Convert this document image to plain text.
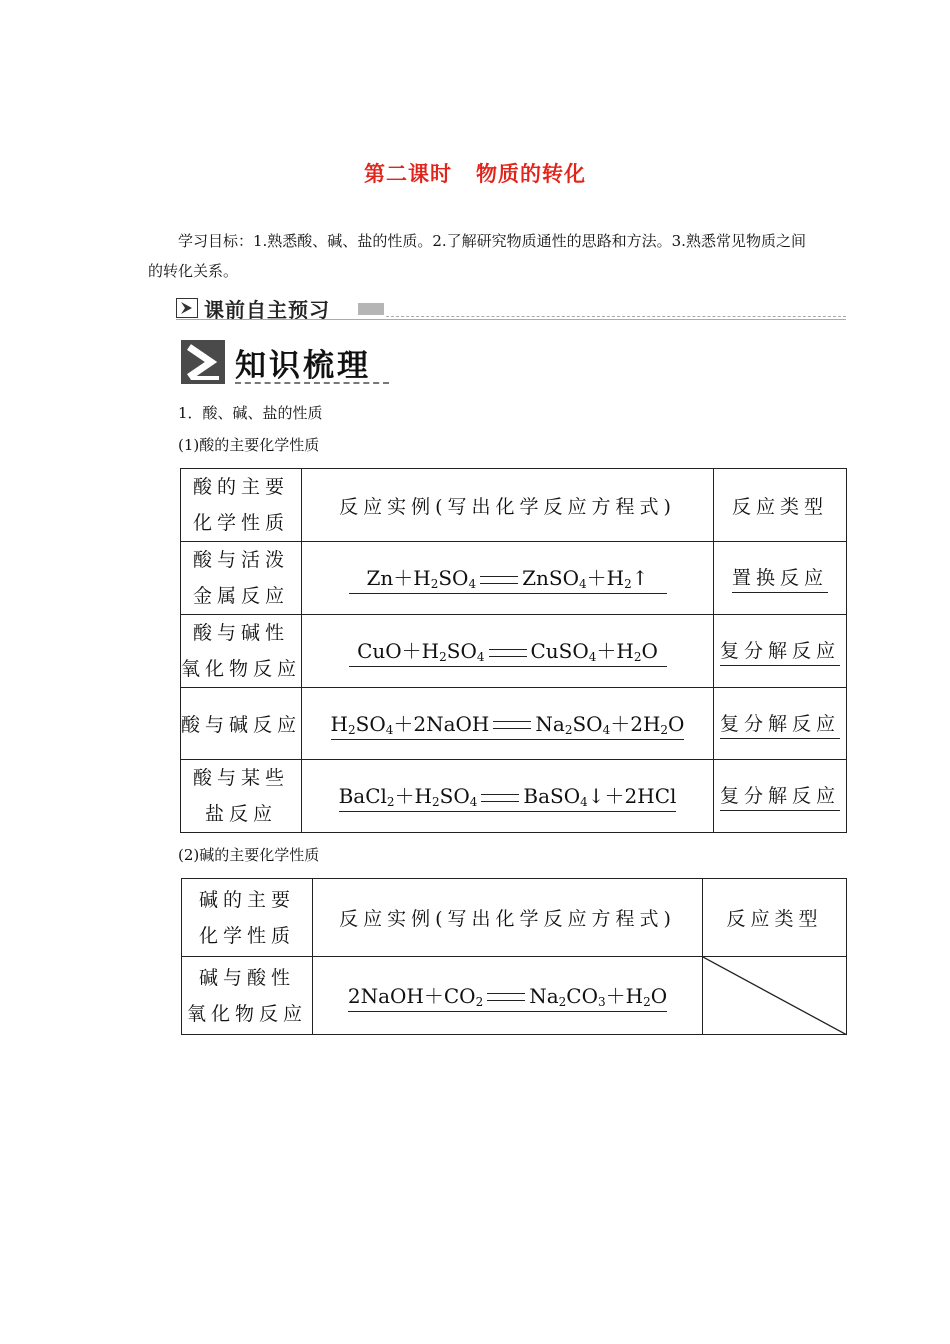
第二课时 物质的转化
学习目标：1.熟悉酸、碱、盐的性质。2.了解研究物质通性的思路和方法。3.熟悉常见物质之间的转化关系。
课前自主预习
知识梳理
1．酸、碱、盐的性质
(1)酸的主要化学性质
酸的主要
化学性质	反应实例(写出化学反应方程式)	反应类型
酸与活泼
金属反应	$Zn+H_2SO_4$ $ZnSO_4+H_2↑$	置换反应
酸与碱性
氧化物反应	$CuO+H_2SO_4$ $CuSO_4+H_2O$	复分解反应
酸与碱反应	$H_2SO_4+2NaOH$ $Na_2SO_4+2H_2O$	复分解反应
酸与某些
盐反应	$BaCl_2+H_2SO_4$ BaSO$_4$↓＋2HCl	复分解反应
(2)碱的主要化学性质
碱的主要
化学性质	反应实例(写出化学反应方程式)	反应类型
碱与酸性
氧化物反应	$2NaOH+CO_2$ $Na_2CO_3+H_2O$	
